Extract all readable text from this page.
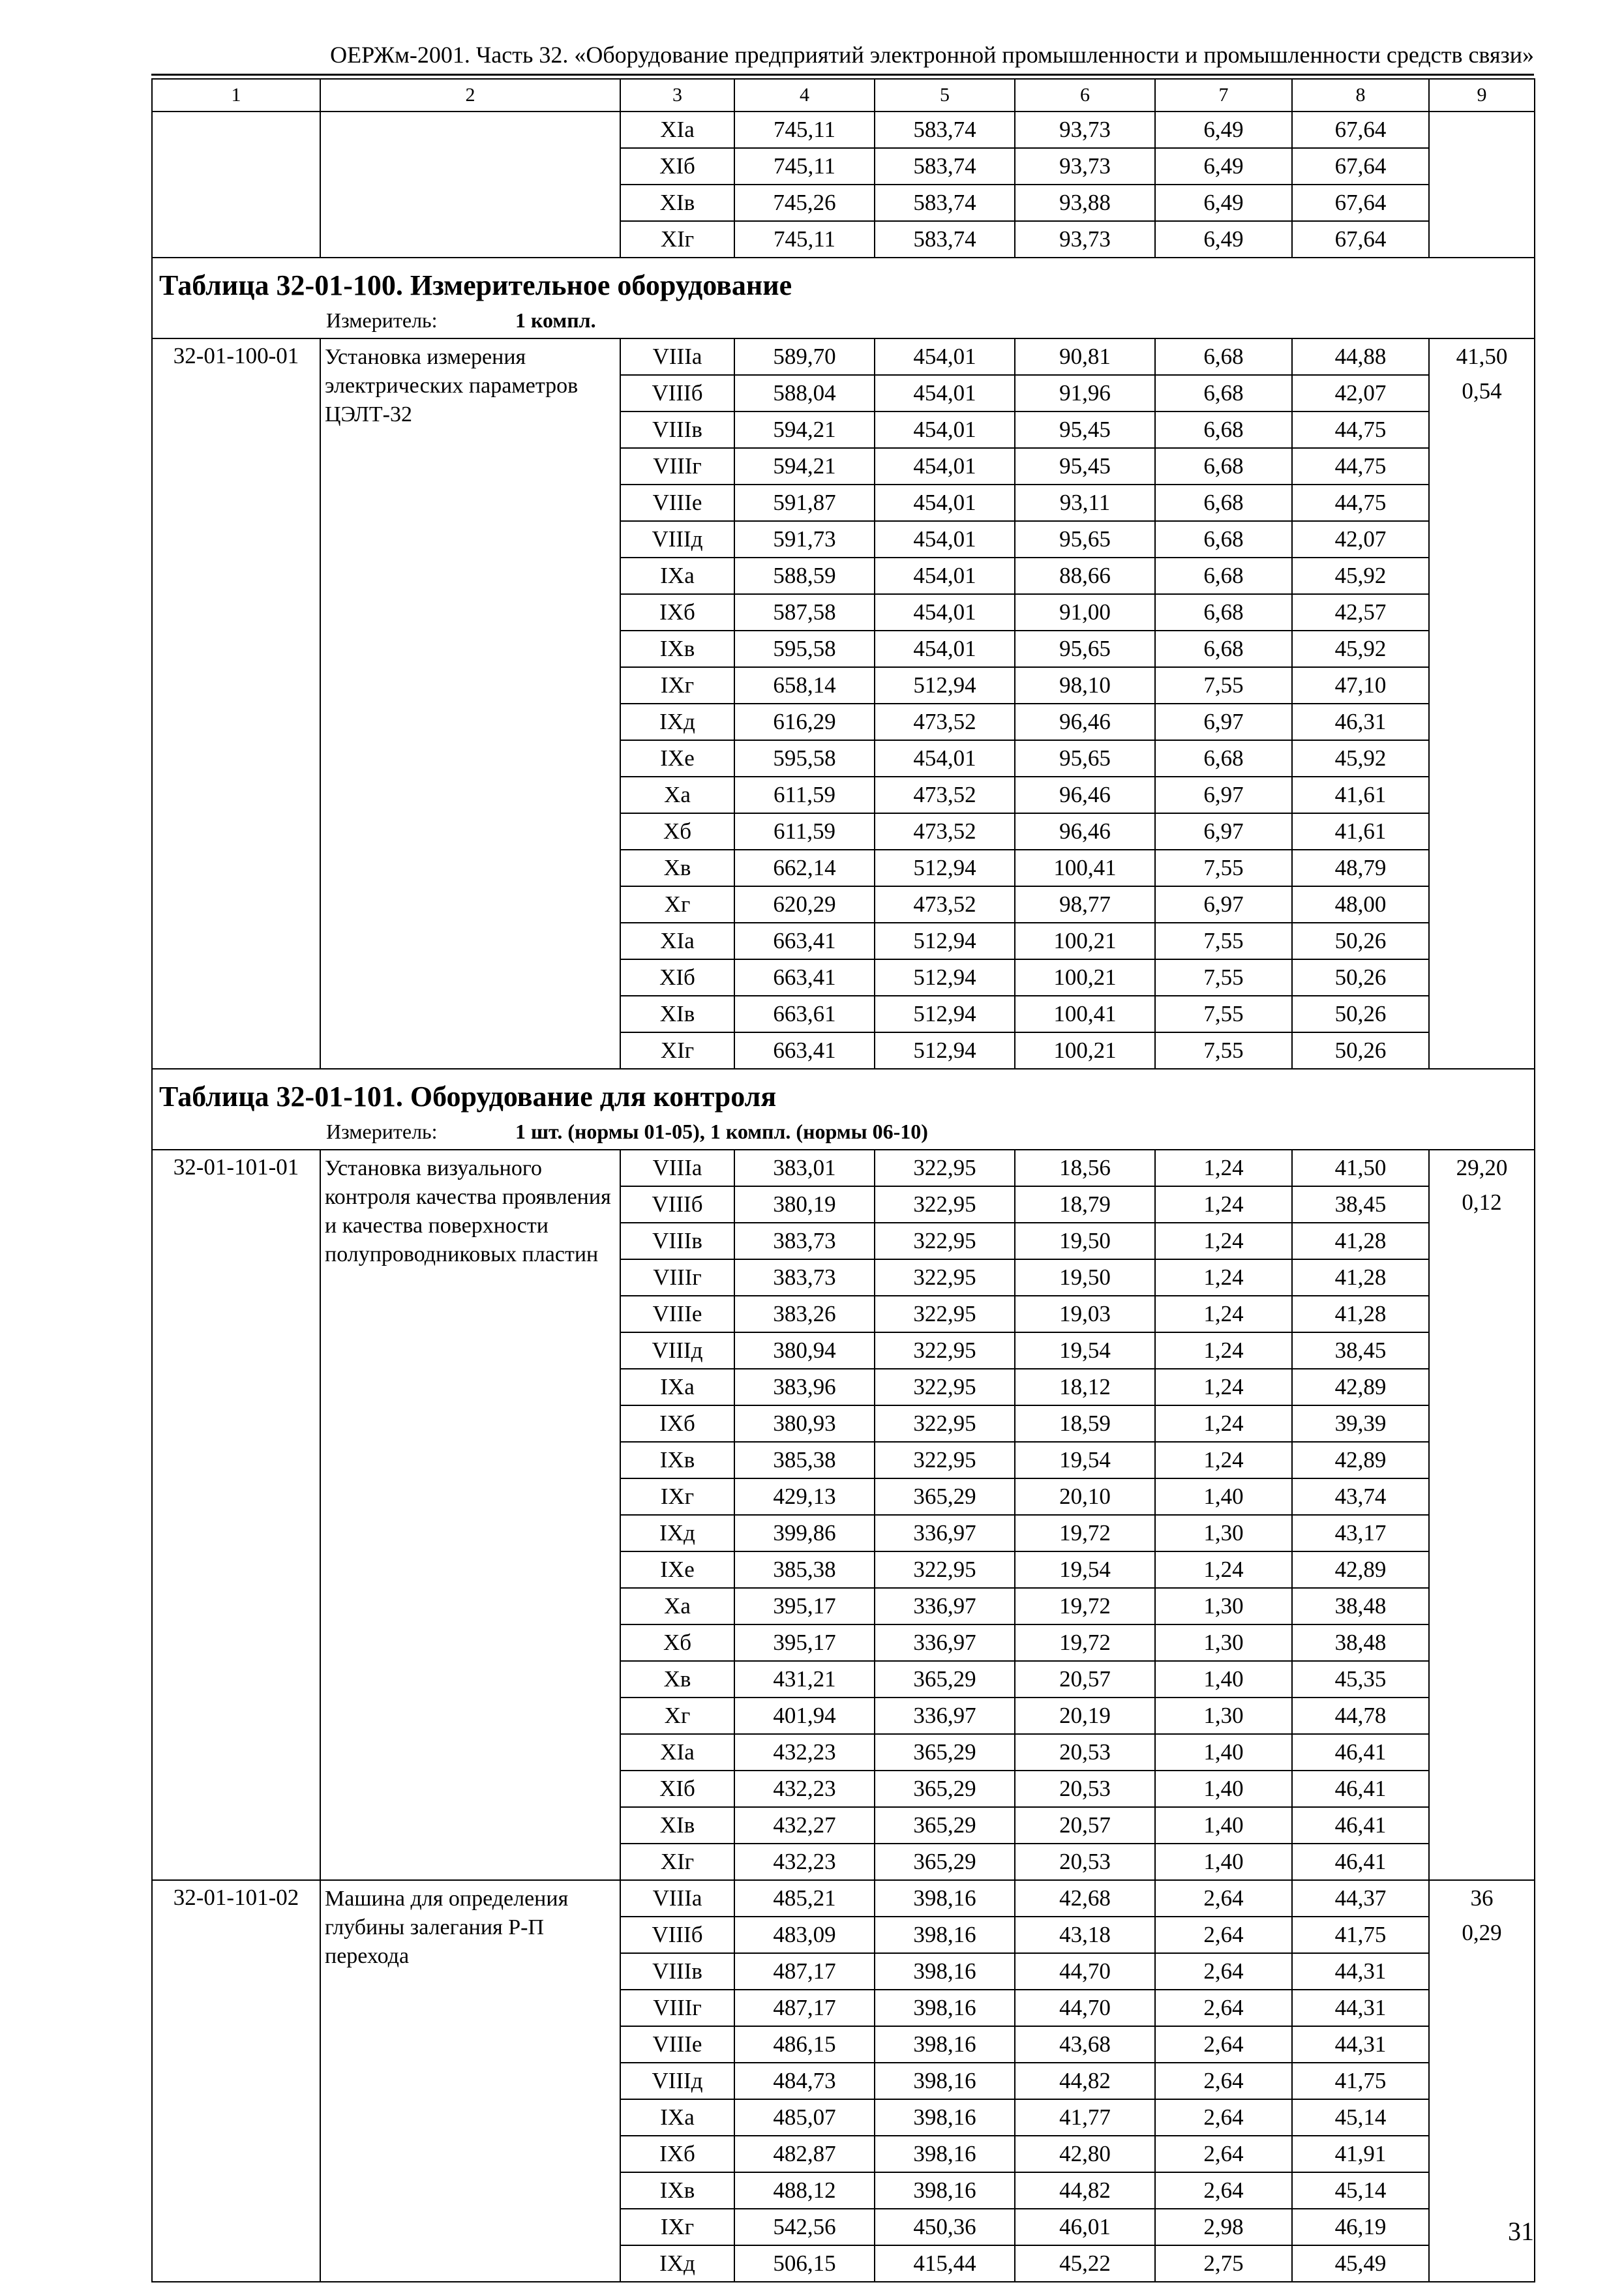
ОЕРЖм-2001. Часть 32. «Оборудование предприятий электронной промышленности и промышленности средств связи»
1	2	3	4	5	6	7	8	9
		XIа	745,11	583,74	93,73	6,49	67,64	
		XIб	745,11	583,74	93,73	6,49	67,64	
		XIв	745,26	583,74	93,88	6,49	67,64	
		XIг	745,11	583,74	93,73	6,49	67,64	

Таблица 32-01-100. Измерительное оборудование
Измеритель: 1 компл.								

32-01-100-01	Установка измерения электрических параметров ЦЭЛТ-32	VIIIа	589,70	454,01	90,81	6,68	44,88	41,50
0,54

		VIIIб	588,04	454,01	91,96	6,68	42,07	
		VIIIв	594,21	454,01	95,45	6,68	44,75	
		VIIIг	594,21	454,01	95,45	6,68	44,75	
		VIIIе	591,87	454,01	93,11	6,68	44,75	
		VIIIд	591,73	454,01	95,65	6,68	42,07	
		IXа	588,59	454,01	88,66	6,68	45,92	
		IXб	587,58	454,01	91,00	6,68	42,57	
		IXв	595,58	454,01	95,65	6,68	45,92	
		IXг	658,14	512,94	98,10	7,55	47,10	
		IXд	616,29	473,52	96,46	6,97	46,31	
		IXе	595,58	454,01	95,65	6,68	45,92	
		Xа	611,59	473,52	96,46	6,97	41,61	
		Xб	611,59	473,52	96,46	6,97	41,61	
		Xв	662,14	512,94	100,41	7,55	48,79	
		Xг	620,29	473,52	98,77	6,97	48,00	
		XIа	663,41	512,94	100,21	7,55	50,26	
		XIб	663,41	512,94	100,21	7,55	50,26	
		XIв	663,61	512,94	100,41	7,55	50,26	
		XIг	663,41	512,94	100,21	7,55	50,26	

Таблица 32-01-101. Оборудование для контроля
Измеритель: 1 шт. (нормы 01-05), 1 компл. (нормы 06-10)								

32-01-101-01	Установка визуального контроля качества проявления и качества поверхности полупроводниковых пластин	VIIIа	383,01	322,95	18,56	1,24	41,50	29,20
0,12

		VIIIб	380,19	322,95	18,79	1,24	38,45	
		VIIIв	383,73	322,95	19,50	1,24	41,28	
		VIIIг	383,73	322,95	19,50	1,24	41,28	
		VIIIе	383,26	322,95	19,03	1,24	41,28	
		VIIIд	380,94	322,95	19,54	1,24	38,45	
		IXа	383,96	322,95	18,12	1,24	42,89	
		IXб	380,93	322,95	18,59	1,24	39,39	
		IXв	385,38	322,95	19,54	1,24	42,89	
		IXг	429,13	365,29	20,10	1,40	43,74	
		IXд	399,86	336,97	19,72	1,30	43,17	
		IXе	385,38	322,95	19,54	1,24	42,89	
		Xа	395,17	336,97	19,72	1,30	38,48	
		Xб	395,17	336,97	19,72	1,30	38,48	
		Xв	431,21	365,29	20,57	1,40	45,35	
		Xг	401,94	336,97	20,19	1,30	44,78	
		XIа	432,23	365,29	20,53	1,40	46,41	
		XIб	432,23	365,29	20,53	1,40	46,41	
		XIв	432,27	365,29	20,57	1,40	46,41	
		XIг	432,23	365,29	20,53	1,40	46,41	
32-01-101-02	Машина для определения глубины залегания Р-П перехода	VIIIа	485,21	398,16	42,68	2,64	44,37	36
0,29

		VIIIб	483,09	398,16	43,18	2,64	41,75	
		VIIIв	487,17	398,16	44,70	2,64	44,31	
		VIIIг	487,17	398,16	44,70	2,64	44,31	
		VIIIе	486,15	398,16	43,68	2,64	44,31	
		VIIIд	484,73	398,16	44,82	2,64	41,75	
		IXа	485,07	398,16	41,77	2,64	45,14	
		IXб	482,87	398,16	42,80	2,64	41,91	
		IXв	488,12	398,16	44,82	2,64	45,14	
		IXг	542,56	450,36	46,01	2,98	46,19	
		IXд	506,15	415,44	45,22	2,75	45,49	
31
